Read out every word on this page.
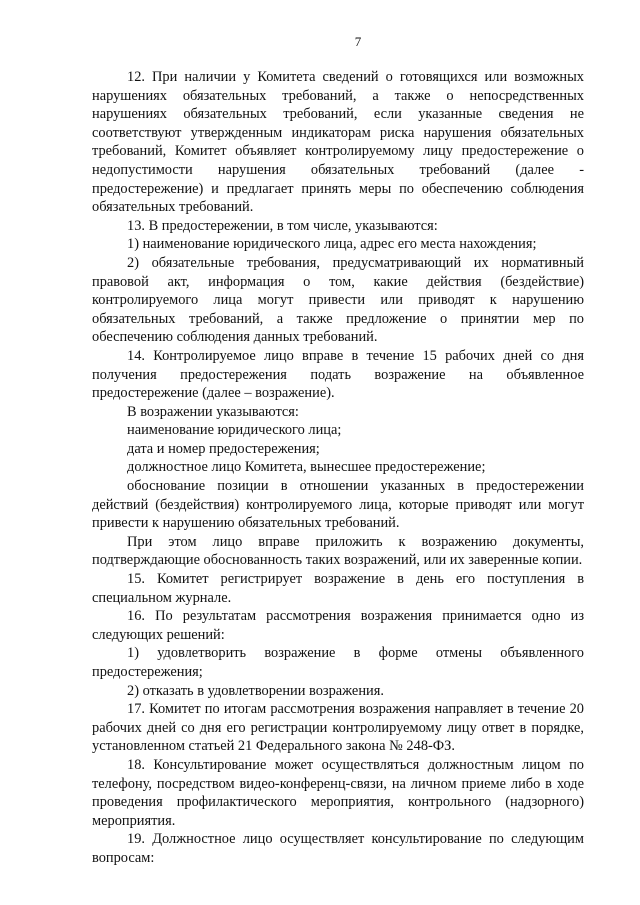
7

12. При наличии у Комитета сведений о готовящихся или возможных нарушениях обязательных требований, а также о непосредственных нарушениях обязательных требований, если указанные сведения не соответствуют утвержденным индикаторам риска нарушения обязательных требований, Комитет объявляет контролируемому лицу предостережение о недопустимости нарушения обязательных требований (далее - предостережение) и предлагает принять меры по обеспечению соблюдения обязательных требований.

13. В предостережении, в том числе, указываются:

1) наименование юридического лица, адрес его места нахождения;

2) обязательные требования, предусматривающий их нормативный правовой акт, информация о том, какие действия (бездействие) контролируемого лица могут привести или приводят к нарушению обязательных требований, а также предложение о принятии мер по обеспечению соблюдения данных требований.

14. Контролируемое лицо вправе в течение 15 рабочих дней со дня получения предостережения подать возражение на объявленное предостережение (далее – возражение).

В возражении указываются:

наименование юридического лица;

дата и номер предостережения;

должностное лицо Комитета, вынесшее предостережение;

обоснование позиции в отношении указанных в предостережении действий (бездействия) контролируемого лица, которые приводят или могут привести к нарушению обязательных требований.

При этом лицо вправе приложить к возражению документы, подтверждающие обоснованность таких возражений, или их заверенные копии.

15. Комитет регистрирует возражение в день его поступления в специальном журнале.

16. По результатам рассмотрения возражения принимается одно из следующих решений:

1) удовлетворить возражение в форме отмены объявленного предостережения;

2) отказать в удовлетворении возражения.

17. Комитет по итогам рассмотрения возражения направляет в течение 20 рабочих дней со дня его регистрации контролируемому лицу ответ в порядке, установленном статьей 21 Федерального закона № 248-ФЗ.

18. Консультирование может осуществляться должностным лицом по телефону, посредством видео-конференц-связи, на личном приеме либо в ходе проведения профилактического мероприятия, контрольного (надзорного) мероприятия.

19. Должностное лицо осуществляет консультирование по следующим вопросам:
